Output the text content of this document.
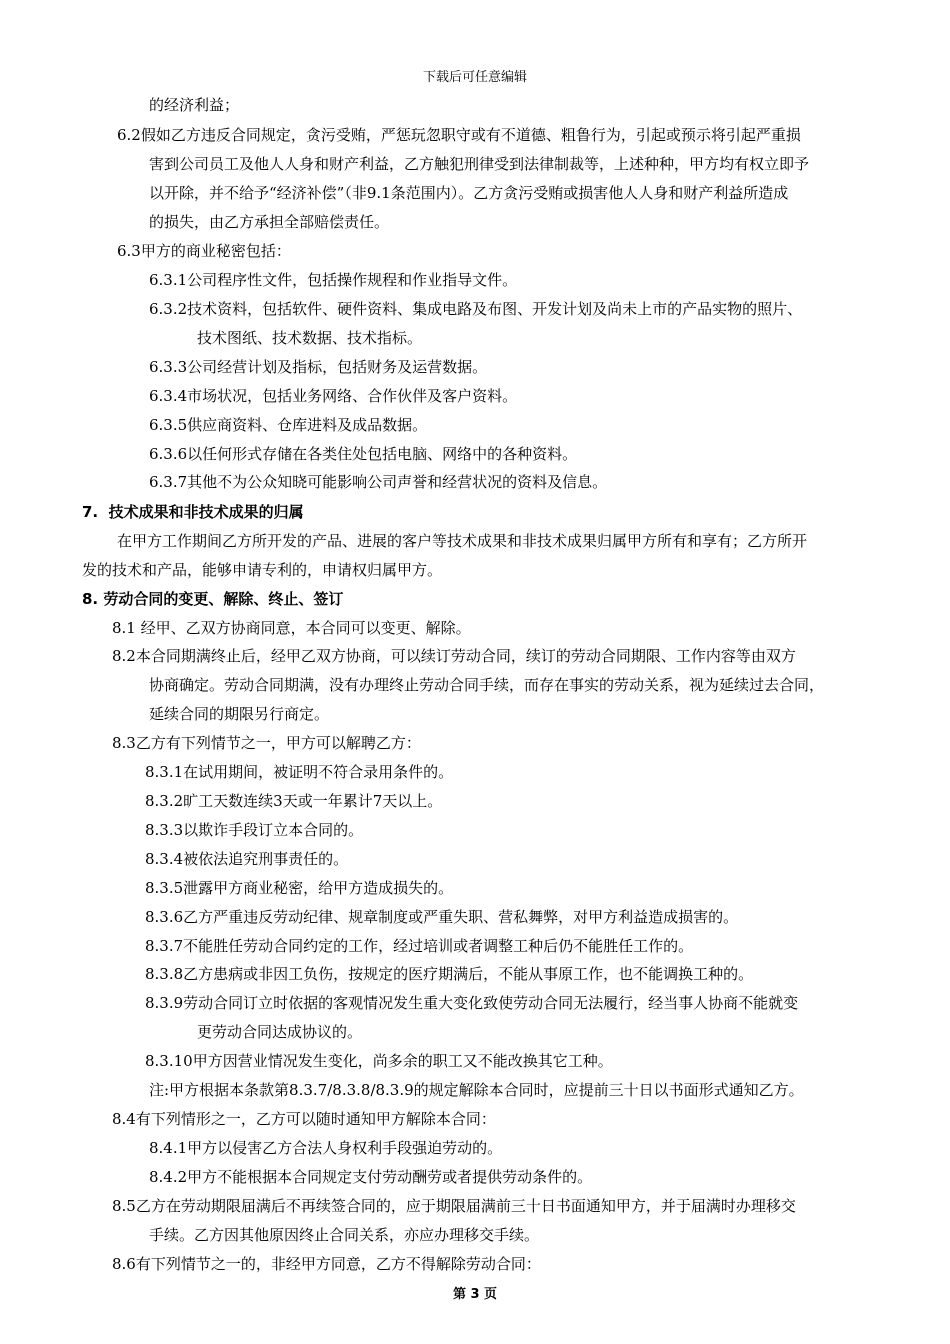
下载后可任意编辑
的经济利益；
6.2假如乙方违反合同规定，贪污受贿，严惩玩忽职守或有不道德、粗鲁行为，引起或预示将引起严重损
害到公司员工及他人人身和财产利益，乙方触犯刑律受到法律制裁等，上述种种，甲方均有权立即予
以开除，并不给予“经济补偿”（非9.1条范围内）。乙方贪污受贿或损害他人人身和财产利益所造成
的损失，由乙方承担全部赔偿责任。
6.3甲方的商业秘密包括：
6.3.1公司程序性文件，包括操作规程和作业指导文件。
6.3.2技术资料，包括软件、硬件资料、集成电路及布图、开发计划及尚未上市的产品实物的照片、
技术图纸、技术数据、技术指标。
6.3.3公司经营计划及指标，包括财务及运营数据。
6.3.4市场状况，包括业务网络、合作伙伴及客户资料。
6.3.5供应商资料、仓库进料及成品数据。
6.3.6以任何形式存储在各类住处包括电脑、网络中的各种资料。
6.3.7其他不为公众知晓可能影响公司声誉和经营状况的资料及信息。
7.  技术成果和非技术成果的归属
在甲方工作期间乙方所开发的产品、进展的客户等技术成果和非技术成果归属甲方所有和享有；乙方所开
发的技术和产品，能够申请专利的，申请权归属甲方。
8. 劳动合同的变更、解除、终止、签订
8.1 经甲、乙双方协商同意，本合同可以变更、解除。
8.2本合同期满终止后，经甲乙双方协商，可以续订劳动合同，续订的劳动合同期限、工作内容等由双方
协商确定。劳动合同期满，没有办理终止劳动合同手续，而存在事实的劳动关系，视为延续过去合同，
延续合同的期限另行商定。
8.3乙方有下列情节之一，甲方可以解聘乙方：
8.3.1在试用期间，被证明不符合录用条件的。
8.3.2旷工天数连续3天或一年累计7天以上。
8.3.3以欺诈手段订立本合同的。
8.3.4被依法追究刑事责任的。
8.3.5泄露甲方商业秘密，给甲方造成损失的。
8.3.6乙方严重违反劳动纪律、规章制度或严重失职、营私舞弊，对甲方利益造成损害的。
8.3.7不能胜任劳动合同约定的工作，经过培训或者调整工种后仍不能胜任工作的。
8.3.8乙方患病或非因工负伤，按规定的医疗期满后，不能从事原工作，也不能调换工种的。
8.3.9劳动合同订立时依据的客观情况发生重大变化致使劳动合同无法履行，经当事人协商不能就变
更劳动合同达成协议的。
8.3.10甲方因营业情况发生变化，尚多余的职工又不能改换其它工种。
注:甲方根据本条款第8.3.7/8.3.8/8.3.9的规定解除本合同时，应提前三十日以书面形式通知乙方。
8.4有下列情形之一，乙方可以随时通知甲方解除本合同：
8.4.1甲方以侵害乙方合法人身权利手段强迫劳动的。
8.4.2甲方不能根据本合同规定支付劳动酬劳或者提供劳动条件的。
8.5乙方在劳动期限届满后不再续签合同的，应于期限届满前三十日书面通知甲方，并于届满时办理移交
手续。乙方因其他原因终止合同关系，亦应办理移交手续。
8.6有下列情节之一的，非经甲方同意，乙方不得解除劳动合同：
第 3 页
